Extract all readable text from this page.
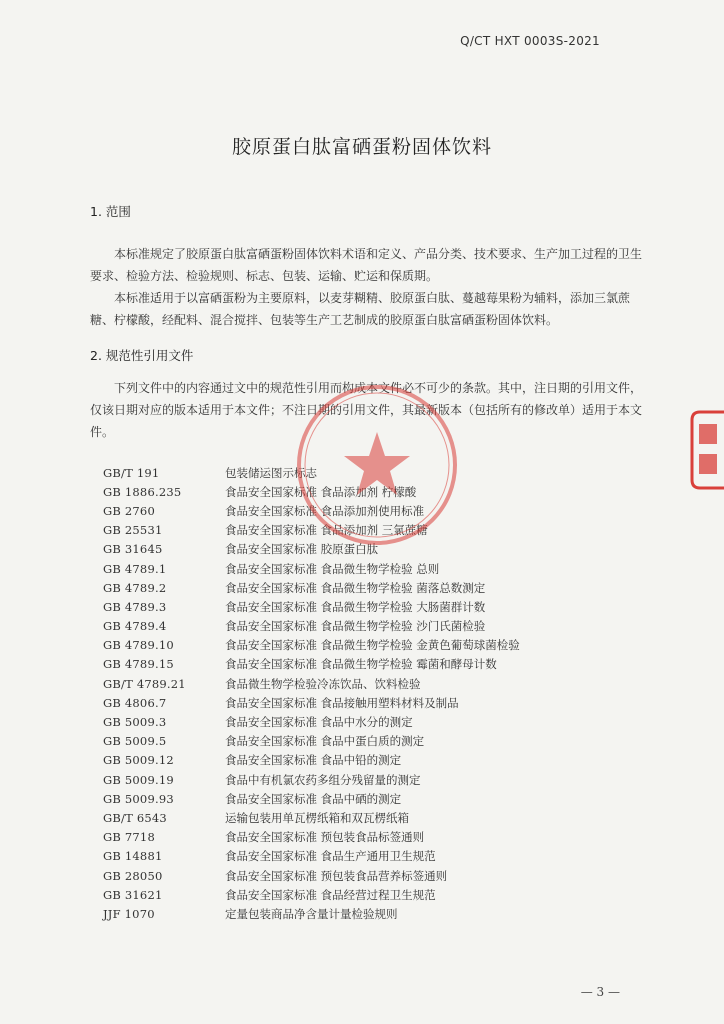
Q/CT HXT 0003S-2021
胶原蛋白肽富硒蛋粉固体饮料
1. 范围

本标准规定了胶原蛋白肽富硒蛋粉固体饮料术语和定义、产品分类、技术要求、生产加工过程的卫生要求、检验方法、检验规则、标志、包装、运输、贮运和保质期。

本标准适用于以富硒蛋粉为主要原料，以麦芽糊精、胶原蛋白肽、蔓越莓果粉为辅料，添加三氯蔗糖、柠檬酸，经配料、混合搅拌、包装等生产工艺制成的胶原蛋白肽富硒蛋粉固体饮料。

2. 规范性引用文件

下列文件中的内容通过文中的规范性引用而构成本文件必不可少的条款。其中，注日期的引用文件，仅该日期对应的版本适用于本文件；不注日期的引用文件，其最新版本（包括所有的修改单）适用于本文件。

GB/T 191	包装储运图示标志
GB 1886.235	食品安全国家标准 食品添加剂 柠檬酸
GB 2760	食品安全国家标准 食品添加剂使用标准
GB 25531	食品安全国家标准 食品添加剂 三氯蔗糖
GB 31645	食品安全国家标准 胶原蛋白肽
GB 4789.1	食品安全国家标准 食品微生物学检验 总则
GB 4789.2	食品安全国家标准 食品微生物学检验 菌落总数测定
GB 4789.3	食品安全国家标准 食品微生物学检验 大肠菌群计数
GB 4789.4	食品安全国家标准 食品微生物学检验 沙门氏菌检验
GB 4789.10	食品安全国家标准 食品微生物学检验 金黄色葡萄球菌检验
GB 4789.15	食品安全国家标准 食品微生物学检验 霉菌和酵母计数
GB/T 4789.21	食品微生物学检验冷冻饮品、饮料检验
GB 4806.7	食品安全国家标准 食品接触用塑料材料及制品
GB 5009.3	食品安全国家标准 食品中水分的测定
GB 5009.5	食品安全国家标准 食品中蛋白质的测定
GB 5009.12	食品安全国家标准 食品中铅的测定
GB 5009.19	食品中有机氯农药多组分残留量的测定
GB 5009.93	食品安全国家标准 食品中硒的测定
GB/T 6543	运输包装用单瓦楞纸箱和双瓦楞纸箱
GB 7718	食品安全国家标准 预包装食品标签通则
GB 14881	食品安全国家标准 食品生产通用卫生规范
GB 28050	食品安全国家标准 预包装食品营养标签通则
GB 31621	食品安全国家标准 食品经营过程卫生规范
JJF 1070	定量包装商品净含量计量检验规则
— 3 —
